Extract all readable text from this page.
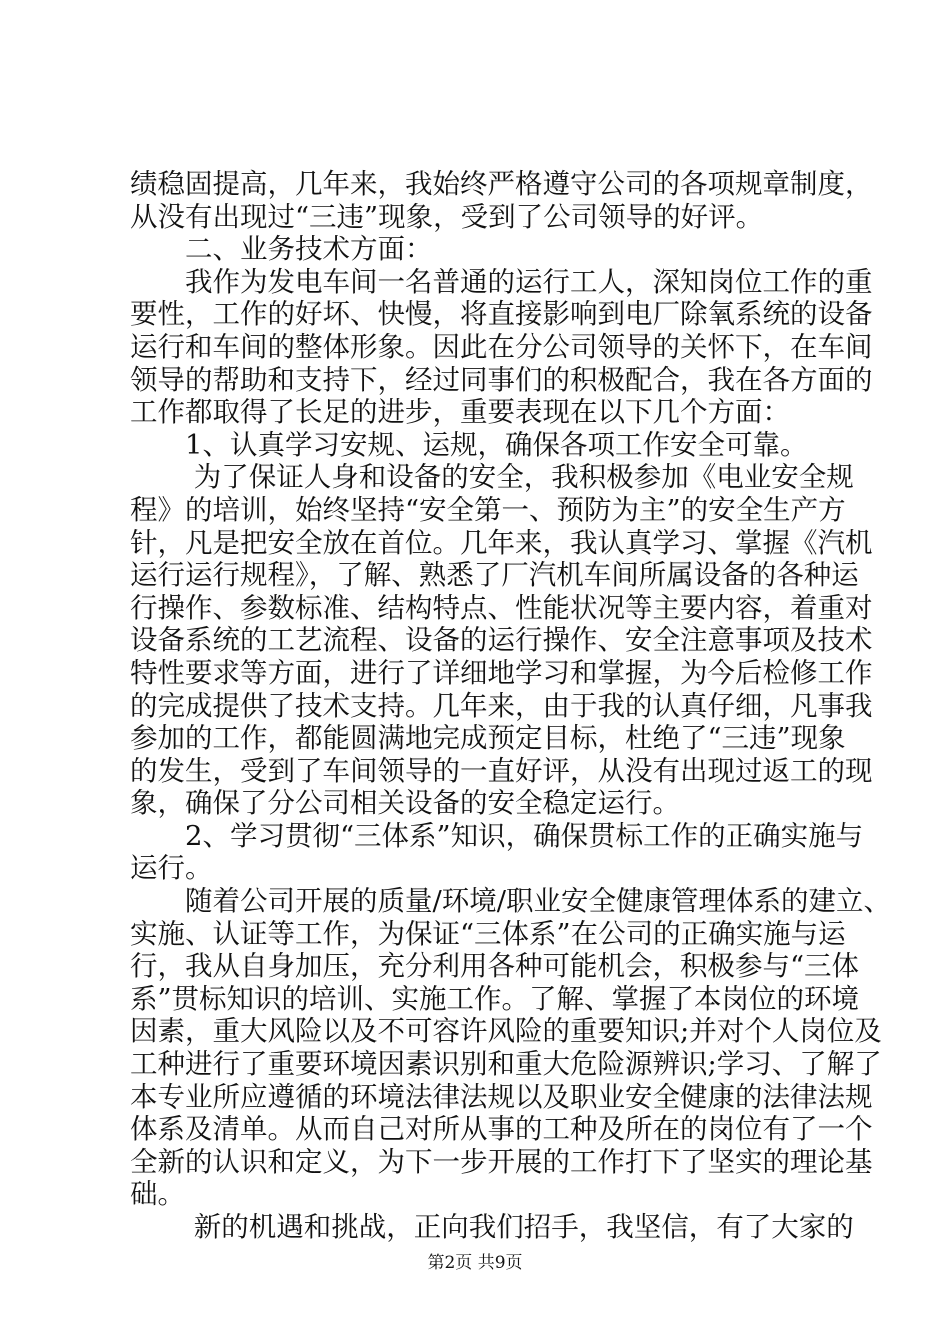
绩稳固提高，几年来，我始终严格遵守公司的各项规章制度，
从没有出现过“三违”现象，受到了公司领导的好评。
　　二、业务技术方面：
　　我作为发电车间一名普通的运行工人，深知岗位工作的重
要性，工作的好坏、快慢，将直接影响到电厂除氧系统的设备
运行和车间的整体形象。因此在分公司领导的关怀下，在车间
领导的帮助和支持下，经过同事们的积极配合，我在各方面的
工作都取得了长足的进步，重要表现在以下几个方面：
　　1、认真学习安规、运规，确保各项工作安全可靠。
　　 为了保证人身和设备的安全，我积极参加《电业安全规
程》的培训，始终坚持“安全第一、预防为主”的安全生产方
针，凡是把安全放在首位。几年来，我认真学习、掌握《汽机
运行运行规程》，了解、熟悉了厂汽机车间所属设备的各种运
行操作、参数标准、结构特点、性能状况等主要内容，着重对
设备系统的工艺流程、设备的运行操作、安全注意事项及技术
特性要求等方面，进行了详细地学习和掌握，为今后检修工作
的完成提供了技术支持。几年来，由于我的认真仔细，凡事我
参加的工作，都能圆满地完成预定目标，杜绝了“三违”现象
的发生，受到了车间领导的一直好评，从没有出现过返工的现
象，确保了分公司相关设备的安全稳定运行。
　　2、学习贯彻“三体系”知识，确保贯标工作的正确实施与
运行。
　　随着公司开展的质量/环境/职业安全健康管理体系的建立、
实施、认证等工作，为保证“三体系”在公司的正确实施与运
行，我从自身加压，充分利用各种可能机会，积极参与“三体
系”贯标知识的培训、实施工作。了解、掌握了本岗位的环境
因素，重大风险以及不可容许风险的重要知识;并对个人岗位及
工种进行了重要环境因素识别和重大危险源辨识;学习、了解了
本专业所应遵循的环境法律法规以及职业安全健康的法律法规
体系及清单。从而自己对所从事的工种及所在的岗位有了一个
全新的认识和定义，为下一步开展的工作打下了坚实的理论基
础。
　　 新的机遇和挑战，正向我们招手，我坚信，有了大家的
第2页 共9页
